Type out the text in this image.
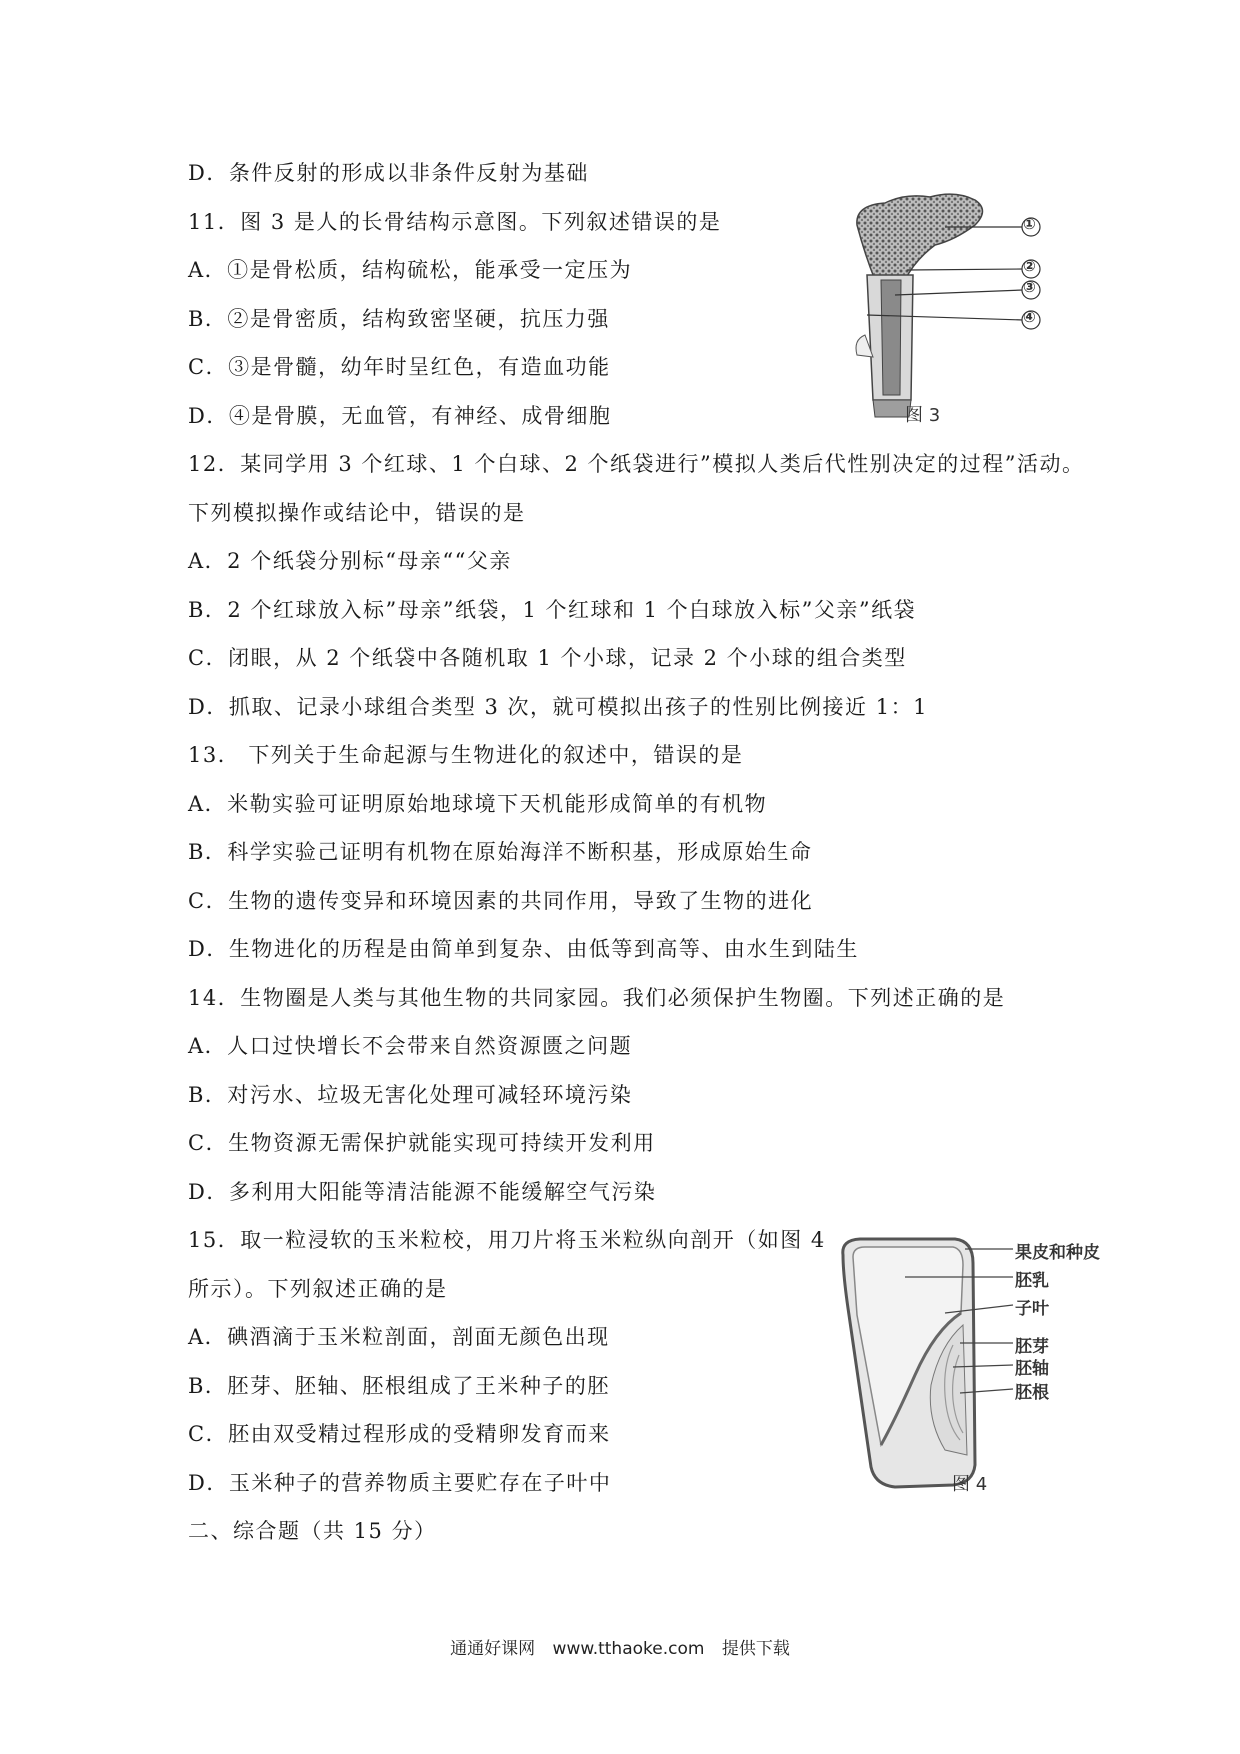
D．条件反射的形成以非条件反射为基础
11．图 3 是人的长骨结构示意图。下列叙述错误的是
A．①是骨松质，结构硫松，能承受一定压为
B．②是骨密质，结构致密坚硬，抗压力强
C．③是骨髓，幼年时呈红色，有造血功能
D．④是骨膜，无血管，有神经、成骨细胞
12．某同学用 3 个红球、1 个白球、2 个纸袋进行”模拟人类后代性别决定的过程”活动。
下列模拟操作或结论中，错误的是
A．2 个纸袋分别标“母亲““父亲
B．2 个红球放入标”母亲”纸袋，1 个红球和 1 个白球放入标”父亲”纸袋
C．闭眼，从 2 个纸袋中各随机取 1 个小球，记录 2 个小球的组合类型
D．抓取、记录小球组合类型 3 次，就可模拟出孩子的性别比例接近 1：1
13． 下列关于生命起源与生物进化的叙述中，错误的是
A．米勒实验可证明原始地球境下天机能形成简单的有机物
B．科学实验己证明有机物在原始海洋不断积基，形成原始生命
C．生物的遗传变异和环境因素的共同作用，导致了生物的进化
D．生物进化的历程是由简单到复杂、由低等到高等、由水生到陆生
14．生物圈是人类与其他生物的共同家园。我们必须保护生物圈。下列述正确的是
A．人口过快增长不会带来自然资源匮之问题
B．对污水、垃圾无害化处理可减轻环境污染
C．生物资源无需保护就能实现可持续开发利用
D．多利用大阳能等清洁能源不能缓解空气污染
15．取一粒浸软的玉米粒校，用刀片将玉米粒纵向剖开（如图 4
所示）。下列叙述正确的是
A．碘酒滴于玉米粒剖面，剖面无颜色出现
B．胚芽、胚轴、胚根组成了王米种子的胚
C．胚由双受精过程形成的受精卵发育而来
D．玉米种子的营养物质主要贮存在子叶中
二、综合题（共 15 分）
①
②
③
④
图 3
果皮和种皮
胚乳
子叶
胚芽
胚轴
胚根
图 4
通通好课网 www.tthaoke.com 提供下载
